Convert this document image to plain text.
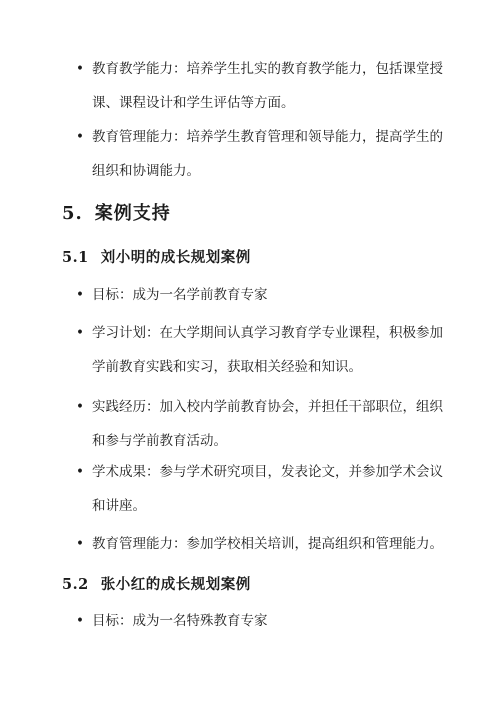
• 教育教学能力：培养学生扎实的教育教学能力，包括课堂授
课、课程设计和学生评估等方面。
• 教育管理能力：培养学生教育管理和领导能力，提高学生的
组织和协调能力。
5. 案例支持
5.1 刘小明的成长规划案例
• 目标：成为一名学前教育专家
• 学习计划：在大学期间认真学习教育学专业课程，积极参加
学前教育实践和实习，获取相关经验和知识。
• 实践经历：加入校内学前教育协会，并担任干部职位，组织
和参与学前教育活动。
• 学术成果：参与学术研究项目，发表论文，并参加学术会议
和讲座。
• 教育管理能力：参加学校相关培训，提高组织和管理能力。
5.2 张小红的成长规划案例
• 目标：成为一名特殊教育专家
